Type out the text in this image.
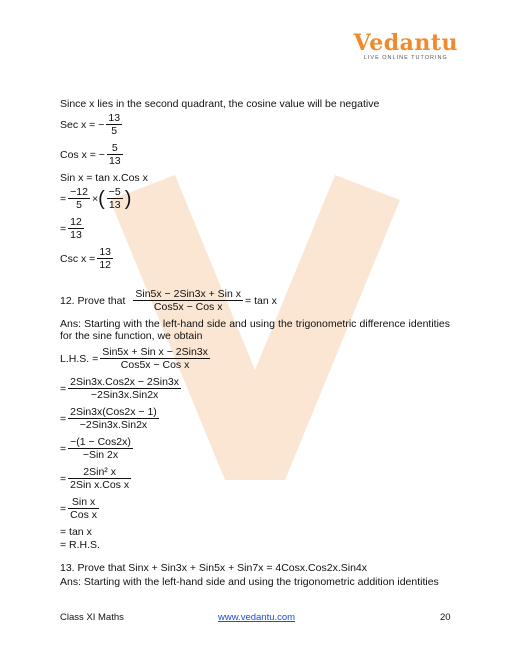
Vedantu
LIVE ONLINE TUTORING
Since x lies in the second quadrant, the cosine value will be negative
Sec x = − $\frac{13}{5}$
Cos x = − $\frac{5}{13}$
Sin x = tan x.Cos x
= $\frac{-12}{5}$ × ( $\frac{-5}{13}$ )
= $\frac{12}{13}$
Csc $x = \frac{13}{12}$
12. Prove that $\frac{\text{Sin5x − 2Sin3x + Sin x}}{\text{Cos5x − Cos x}} = \tan x$
Ans: Starting with the left-hand side and using the trigonometric difference identities for the sine function, we obtain
L.H.S. = $\frac{\text{Sin5x + Sin x − 2Sin3x}}{\text{Cos5x − Cos x}}$
= $\frac{\text{2Sin3x.Cos2x − 2Sin3x}}{\text{−2Sin3x.Sin2x}}$
= $\frac{\text{2Sin3x(Cos2x − 1)}}{\text{−2Sin3x.Sin2x}}$
= $\frac{\text{−(1 − Cos2x)}}{\text{−Sin 2x}}$
= $\frac{\text{2Sin² x}}{\text{2Sin x.Cos x}}$
= $\frac{\text{Sin x}}{\text{Cos x}}$
= tan x
= R.H.S.
13. Prove that Sinx + Sin3x + Sin5x + Sin7x = 4Cosx.Cos2x.Sin4x
Ans: Starting with the left-hand side and using the trigonometric addition identities
Class XI Maths	www.vedantu.com	20
